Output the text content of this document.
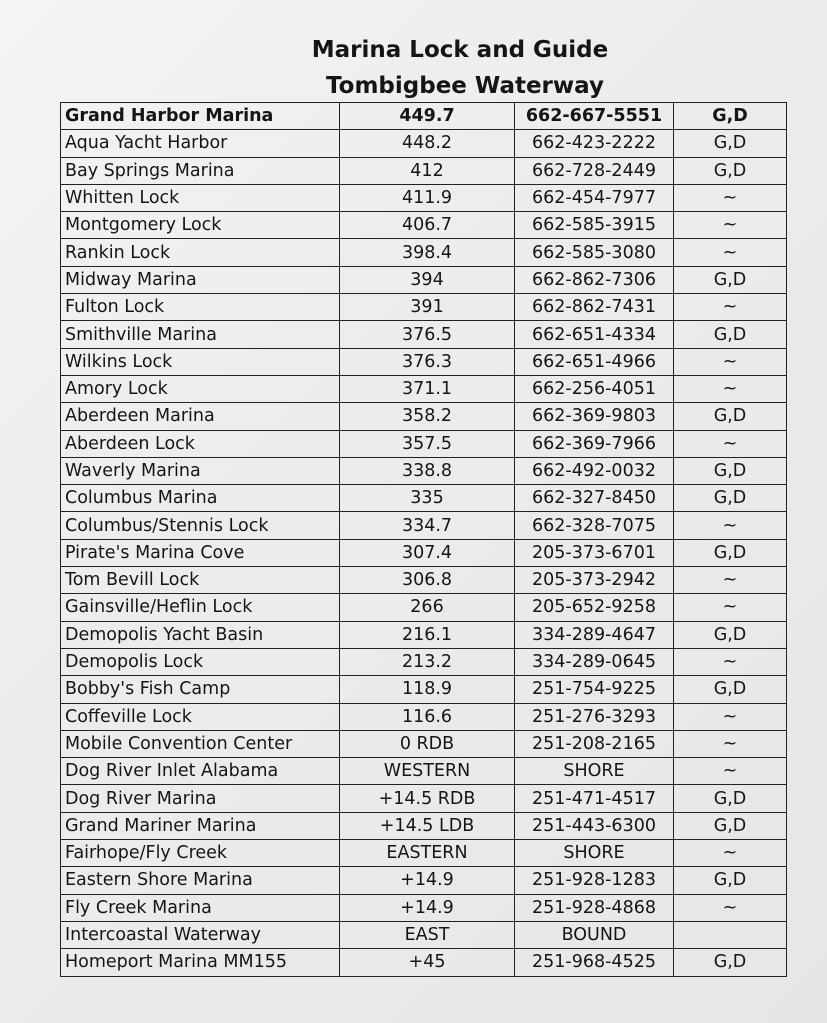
Marina Lock and Guide
Tombigbee Waterway
Grand Harbor Marina	449.7	662-667-5551	G,D
Aqua Yacht Harbor	448.2	662-423-2222	G,D
Bay Springs Marina	412	662-728-2449	G,D
Whitten Lock	411.9	662-454-7977	~
Montgomery Lock	406.7	662-585-3915	~
Rankin Lock	398.4	662-585-3080	~
Midway Marina	394	662-862-7306	G,D
Fulton Lock	391	662-862-7431	~
Smithville Marina	376.5	662-651-4334	G,D
Wilkins Lock	376.3	662-651-4966	~
Amory Lock	371.1	662-256-4051	~
Aberdeen Marina	358.2	662-369-9803	G,D
Aberdeen Lock	357.5	662-369-7966	~
Waverly Marina	338.8	662-492-0032	G,D
Columbus Marina	335	662-327-8450	G,D
Columbus/Stennis Lock	334.7	662-328-7075	~
Pirate's Marina Cove	307.4	205-373-6701	G,D
Tom Bevill Lock	306.8	205-373-2942	~
Gainsville/Heflin Lock	266	205-652-9258	~
Demopolis Yacht Basin	216.1	334-289-4647	G,D
Demopolis Lock	213.2	334-289-0645	~
Bobby's Fish Camp	118.9	251-754-9225	G,D
Coffeville Lock	116.6	251-276-3293	~
Mobile Convention Center	0 RDB	251-208-2165	~
Dog River Inlet Alabama	WESTERN	SHORE	~
Dog River Marina	+14.5 RDB	251-471-4517	G,D
Grand Mariner Marina	+14.5 LDB	251-443-6300	G,D
Fairhope/Fly Creek	EASTERN	SHORE	~
Eastern Shore Marina	+14.9	251-928-1283	G,D
Fly Creek Marina	+14.9	251-928-4868	~
Intercoastal Waterway	EAST	BOUND	
Homeport Marina MM155	+45	251-968-4525	G,D
